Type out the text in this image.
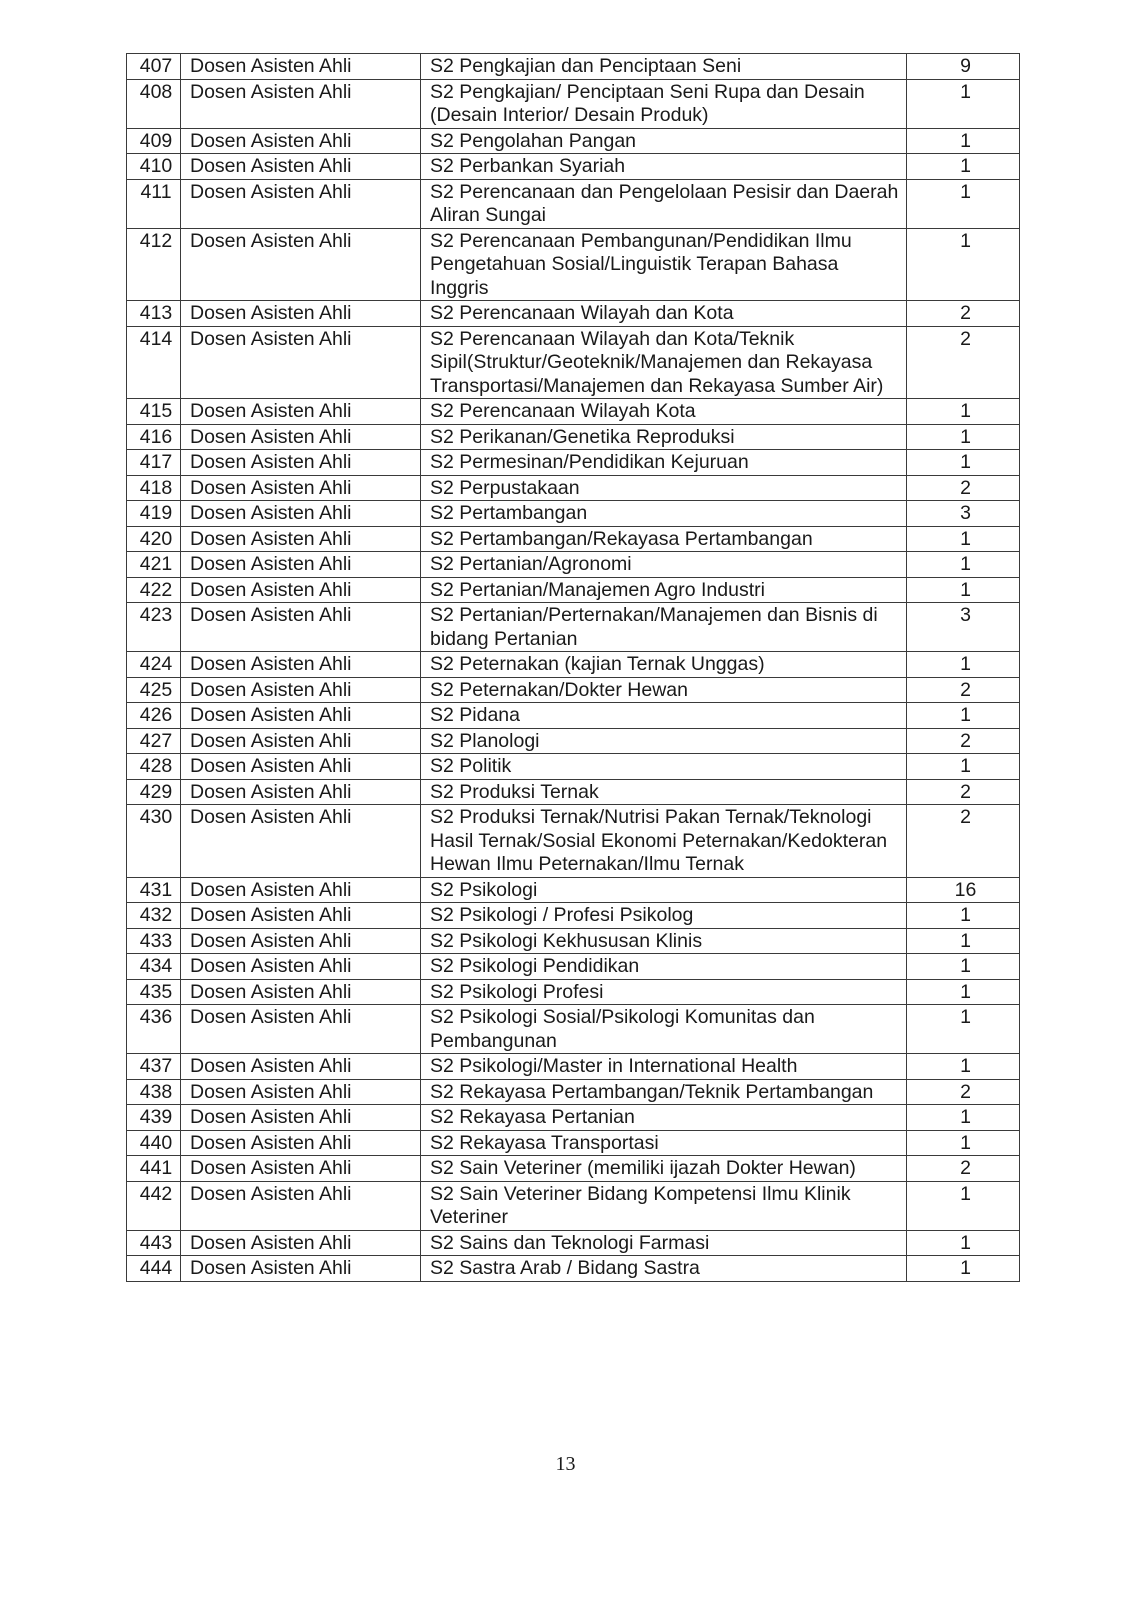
407	Dosen Asisten Ahli	S2 Pengkajian dan Penciptaan Seni	9
408	Dosen Asisten Ahli	S2 Pengkajian/ Penciptaan Seni Rupa dan Desain (Desain Interior/ Desain Produk)	1
409	Dosen Asisten Ahli	S2 Pengolahan Pangan	1
410	Dosen Asisten Ahli	S2 Perbankan Syariah	1
411	Dosen Asisten Ahli	S2 Perencanaan dan Pengelolaan Pesisir dan Daerah Aliran Sungai	1
412	Dosen Asisten Ahli	S2 Perencanaan Pembangunan/Pendidikan Ilmu Pengetahuan Sosial/Linguistik Terapan Bahasa Inggris	1
413	Dosen Asisten Ahli	S2 Perencanaan Wilayah dan Kota	2
414	Dosen Asisten Ahli	S2 Perencanaan Wilayah dan Kota/Teknik Sipil(Struktur/Geoteknik/Manajemen dan Rekayasa Transportasi/Manajemen dan Rekayasa Sumber Air)	2
415	Dosen Asisten Ahli	S2 Perencanaan Wilayah Kota	1
416	Dosen Asisten Ahli	S2 Perikanan/Genetika Reproduksi	1
417	Dosen Asisten Ahli	S2 Permesinan/Pendidikan Kejuruan	1
418	Dosen Asisten Ahli	S2 Perpustakaan	2
419	Dosen Asisten Ahli	S2 Pertambangan	3
420	Dosen Asisten Ahli	S2 Pertambangan/Rekayasa Pertambangan	1
421	Dosen Asisten Ahli	S2 Pertanian/Agronomi	1
422	Dosen Asisten Ahli	S2 Pertanian/Manajemen Agro Industri	1
423	Dosen Asisten Ahli	S2 Pertanian/Perternakan/Manajemen dan Bisnis di bidang Pertanian	3
424	Dosen Asisten Ahli	S2 Peternakan (kajian Ternak Unggas)	1
425	Dosen Asisten Ahli	S2 Peternakan/Dokter Hewan	2
426	Dosen Asisten Ahli	S2 Pidana	1
427	Dosen Asisten Ahli	S2 Planologi	2
428	Dosen Asisten Ahli	S2 Politik	1
429	Dosen Asisten Ahli	S2 Produksi Ternak	2
430	Dosen Asisten Ahli	S2 Produksi Ternak/Nutrisi Pakan Ternak/Teknologi Hasil Ternak/Sosial Ekonomi Peternakan/Kedokteran Hewan Ilmu Peternakan/Ilmu Ternak	2
431	Dosen Asisten Ahli	S2 Psikologi	16
432	Dosen Asisten Ahli	S2 Psikologi / Profesi Psikolog	1
433	Dosen Asisten Ahli	S2 Psikologi Kekhususan Klinis	1
434	Dosen Asisten Ahli	S2 Psikologi Pendidikan	1
435	Dosen Asisten Ahli	S2 Psikologi Profesi	1
436	Dosen Asisten Ahli	S2 Psikologi Sosial/Psikologi Komunitas dan Pembangunan	1
437	Dosen Asisten Ahli	S2 Psikologi/Master in International Health	1
438	Dosen Asisten Ahli	S2 Rekayasa Pertambangan/Teknik Pertambangan	2
439	Dosen Asisten Ahli	S2 Rekayasa Pertanian	1
440	Dosen Asisten Ahli	S2 Rekayasa Transportasi	1
441	Dosen Asisten Ahli	S2 Sain Veteriner (memiliki ijazah Dokter Hewan)	2
442	Dosen Asisten Ahli	S2 Sain Veteriner Bidang Kompetensi Ilmu Klinik Veteriner	1
443	Dosen Asisten Ahli	S2 Sains dan Teknologi Farmasi	1
444	Dosen Asisten Ahli	S2 Sastra Arab / Bidang Sastra	1
13
